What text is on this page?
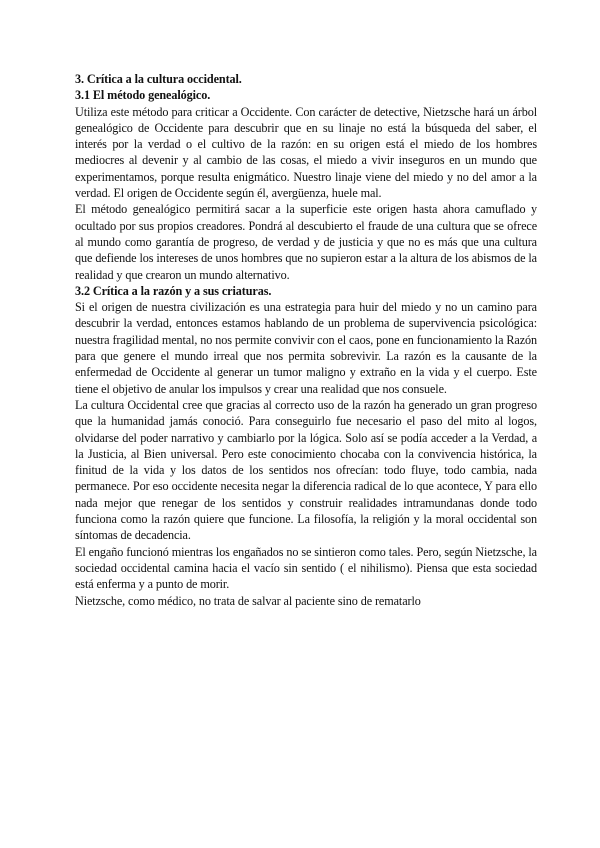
3. Crítica a la cultura occidental.
3.1 El método genealógico.

Utiliza este método para criticar a Occidente. Con carácter de detective, Nietzsche hará un árbol genealógico de Occidente para descubrir que en su linaje no está la búsqueda del saber, el interés por la verdad o el cultivo de la razón: en su origen está el miedo de los hombres mediocres al devenir y al cambio de las cosas, el miedo a vivir inseguros en un mundo que experimentamos, porque resulta enigmático. Nuestro linaje viene del miedo y no del amor a la verdad. El origen de Occidente según él, avergüenza, huele mal.

El método genealógico permitirá sacar a la superficie este origen hasta ahora camuflado y ocultado por sus propios creadores. Pondrá al descubierto el fraude de una cultura que se ofrece al mundo como garantía de progreso, de verdad y de justicia y que no es más que una cultura que defiende los intereses de unos hombres que no supieron estar a la altura de los abismos de la realidad y que crearon un mundo alternativo.

3.2 Crítica a la razón y a sus criaturas.

Si el origen de nuestra civilización es una estrategia para huir del miedo y no un camino para descubrir la verdad, entonces estamos hablando de un problema de supervivencia psicológica: nuestra fragilidad mental, no nos permite convivir con el caos, pone en funcionamiento la Razón para que genere el mundo irreal que nos permita sobrevivir. La razón es la causante de la enfermedad de Occidente al generar un tumor maligno y extraño en la vida y el cuerpo. Este tiene el objetivo de anular los impulsos y crear una realidad que nos consuele.

La cultura Occidental cree que gracias al correcto uso de la razón ha generado un gran progreso que la humanidad jamás conoció. Para conseguirlo fue necesario el paso del mito al logos, olvidarse del poder narrativo y cambiarlo por la lógica. Solo así se podía acceder a la Verdad, a la Justicia, al Bien universal. Pero este conocimiento chocaba con la convivencia histórica, la finitud de la vida y los datos de los sentidos nos ofrecían: todo fluye, todo cambia, nada permanece. Por eso occidente necesita negar la diferencia radical de lo que acontece, Y para ello nada mejor que renegar de los sentidos y construir realidades intramundanas donde todo funciona como la razón quiere que funcione. La filosofía, la religión y la moral occidental son síntomas de decadencia.

El engaño funcionó mientras los engañados no se sintieron como tales. Pero, según Nietzsche, la sociedad occidental camina hacia el vacío sin sentido ( el nihilismo). Piensa que esta sociedad está enferma y a punto de morir.

Nietzsche, como médico, no trata de salvar al paciente sino de rematarlo
